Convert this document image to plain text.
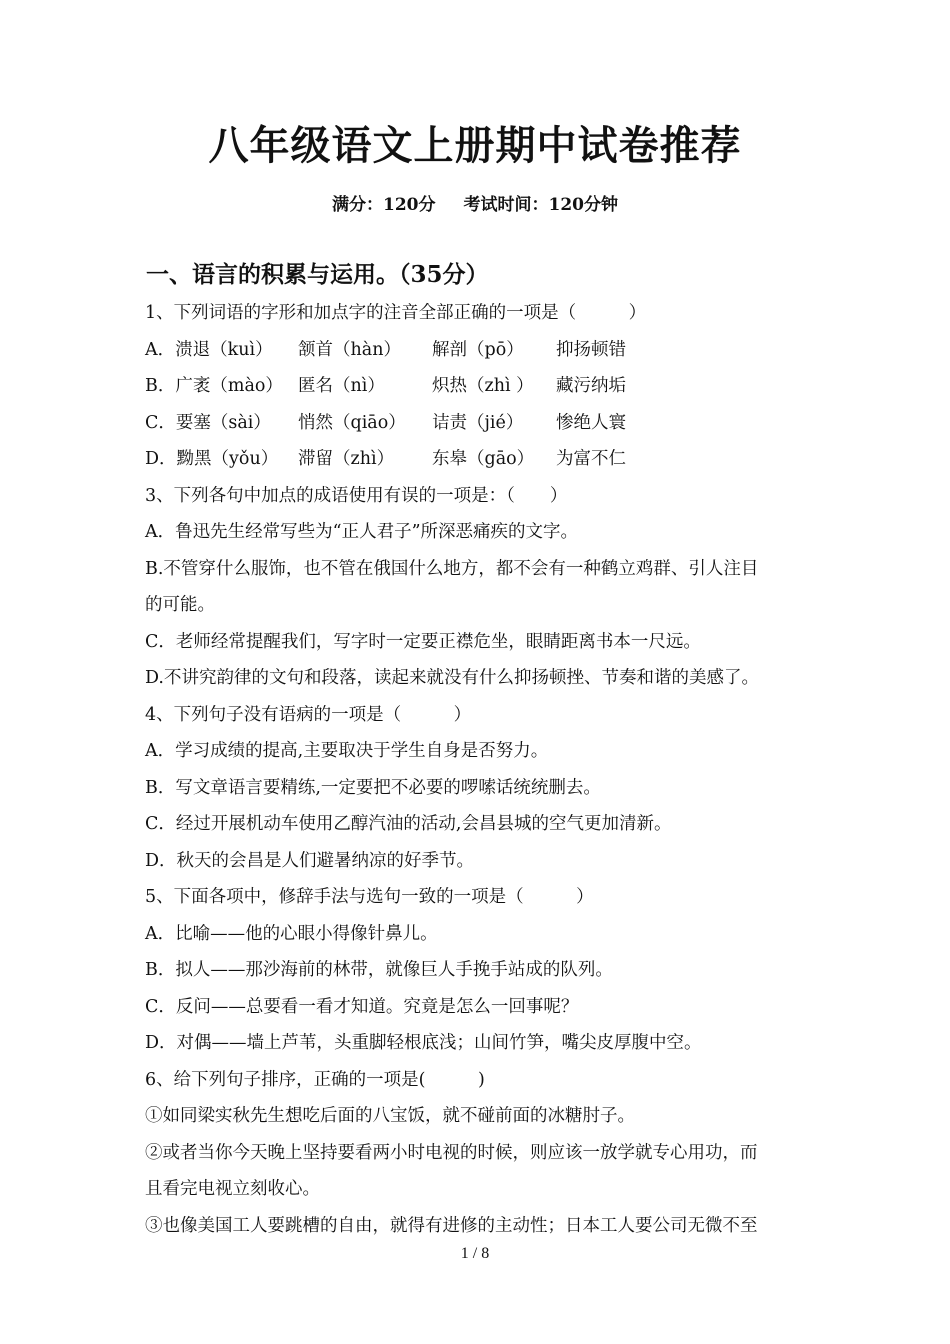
八年级语文上册期中试卷推荐
满分：120分 考试时间：120分钟
一、语言的积累与运用。（35分）
1、下列词语的字形和加点字的注音全部正确的一项是（　　　）
A．溃退（kuì） 颔首（hàn） 解剖（pō） 抑扬顿错
B．广袤（mào） 匿名（nì）	炽热（zhì ） 藏污纳垢
C．要塞（sài） 悄然（qiāo） 诘责（jié） 惨绝人寰
D．黝黑（yǒu） 滞留（zhì） 东皋（gāo） 为富不仁
3、下列各句中加点的成语使用有误的一项是：（　　）
A．鲁迅先生经常写些为“正人君子”所深恶痛疾的文字。
B.不管穿什么服饰，也不管在俄国什么地方，都不会有一种鹤立鸡群、引人注目
的可能。
C．老师经常提醒我们，写字时一定要正襟危坐，眼睛距离书本一尺远。
D.不讲究韵律的文句和段落，读起来就没有什么抑扬顿挫、节奏和谐的美感了。
4、下列句子没有语病的一项是（　　　）
A．学习成绩的提高,主要取决于学生自身是否努力。
B．写文章语言要精练,一定要把不必要的啰嗦话统统删去。
C．经过开展机动车使用乙醇汽油的活动,会昌县城的空气更加清新。
D．秋天的会昌是人们避暑纳凉的好季节。
5、下面各项中，修辞手法与选句一致的一项是（　　　）
A．比喻——他的心眼小得像针鼻儿。
B．拟人——那沙海前的林带，就像巨人手挽手站成的队列。
C．反问——总要看一看才知道。究竟是怎么一回事呢？
D．对偶——墙上芦苇，头重脚轻根底浅；山间竹笋，嘴尖皮厚腹中空。
6、给下列句子排序，正确的一项是(　　　)
①如同梁实秋先生想吃后面的八宝饭，就不碰前面的冰糖肘子。
②或者当你今天晚上坚持要看两小时电视的时候，则应该一放学就专心用功，而
且看完电视立刻收心。
③也像美国工人要跳槽的自由，就得有进修的主动性；日本工人要公司无微不至
1 / 8
